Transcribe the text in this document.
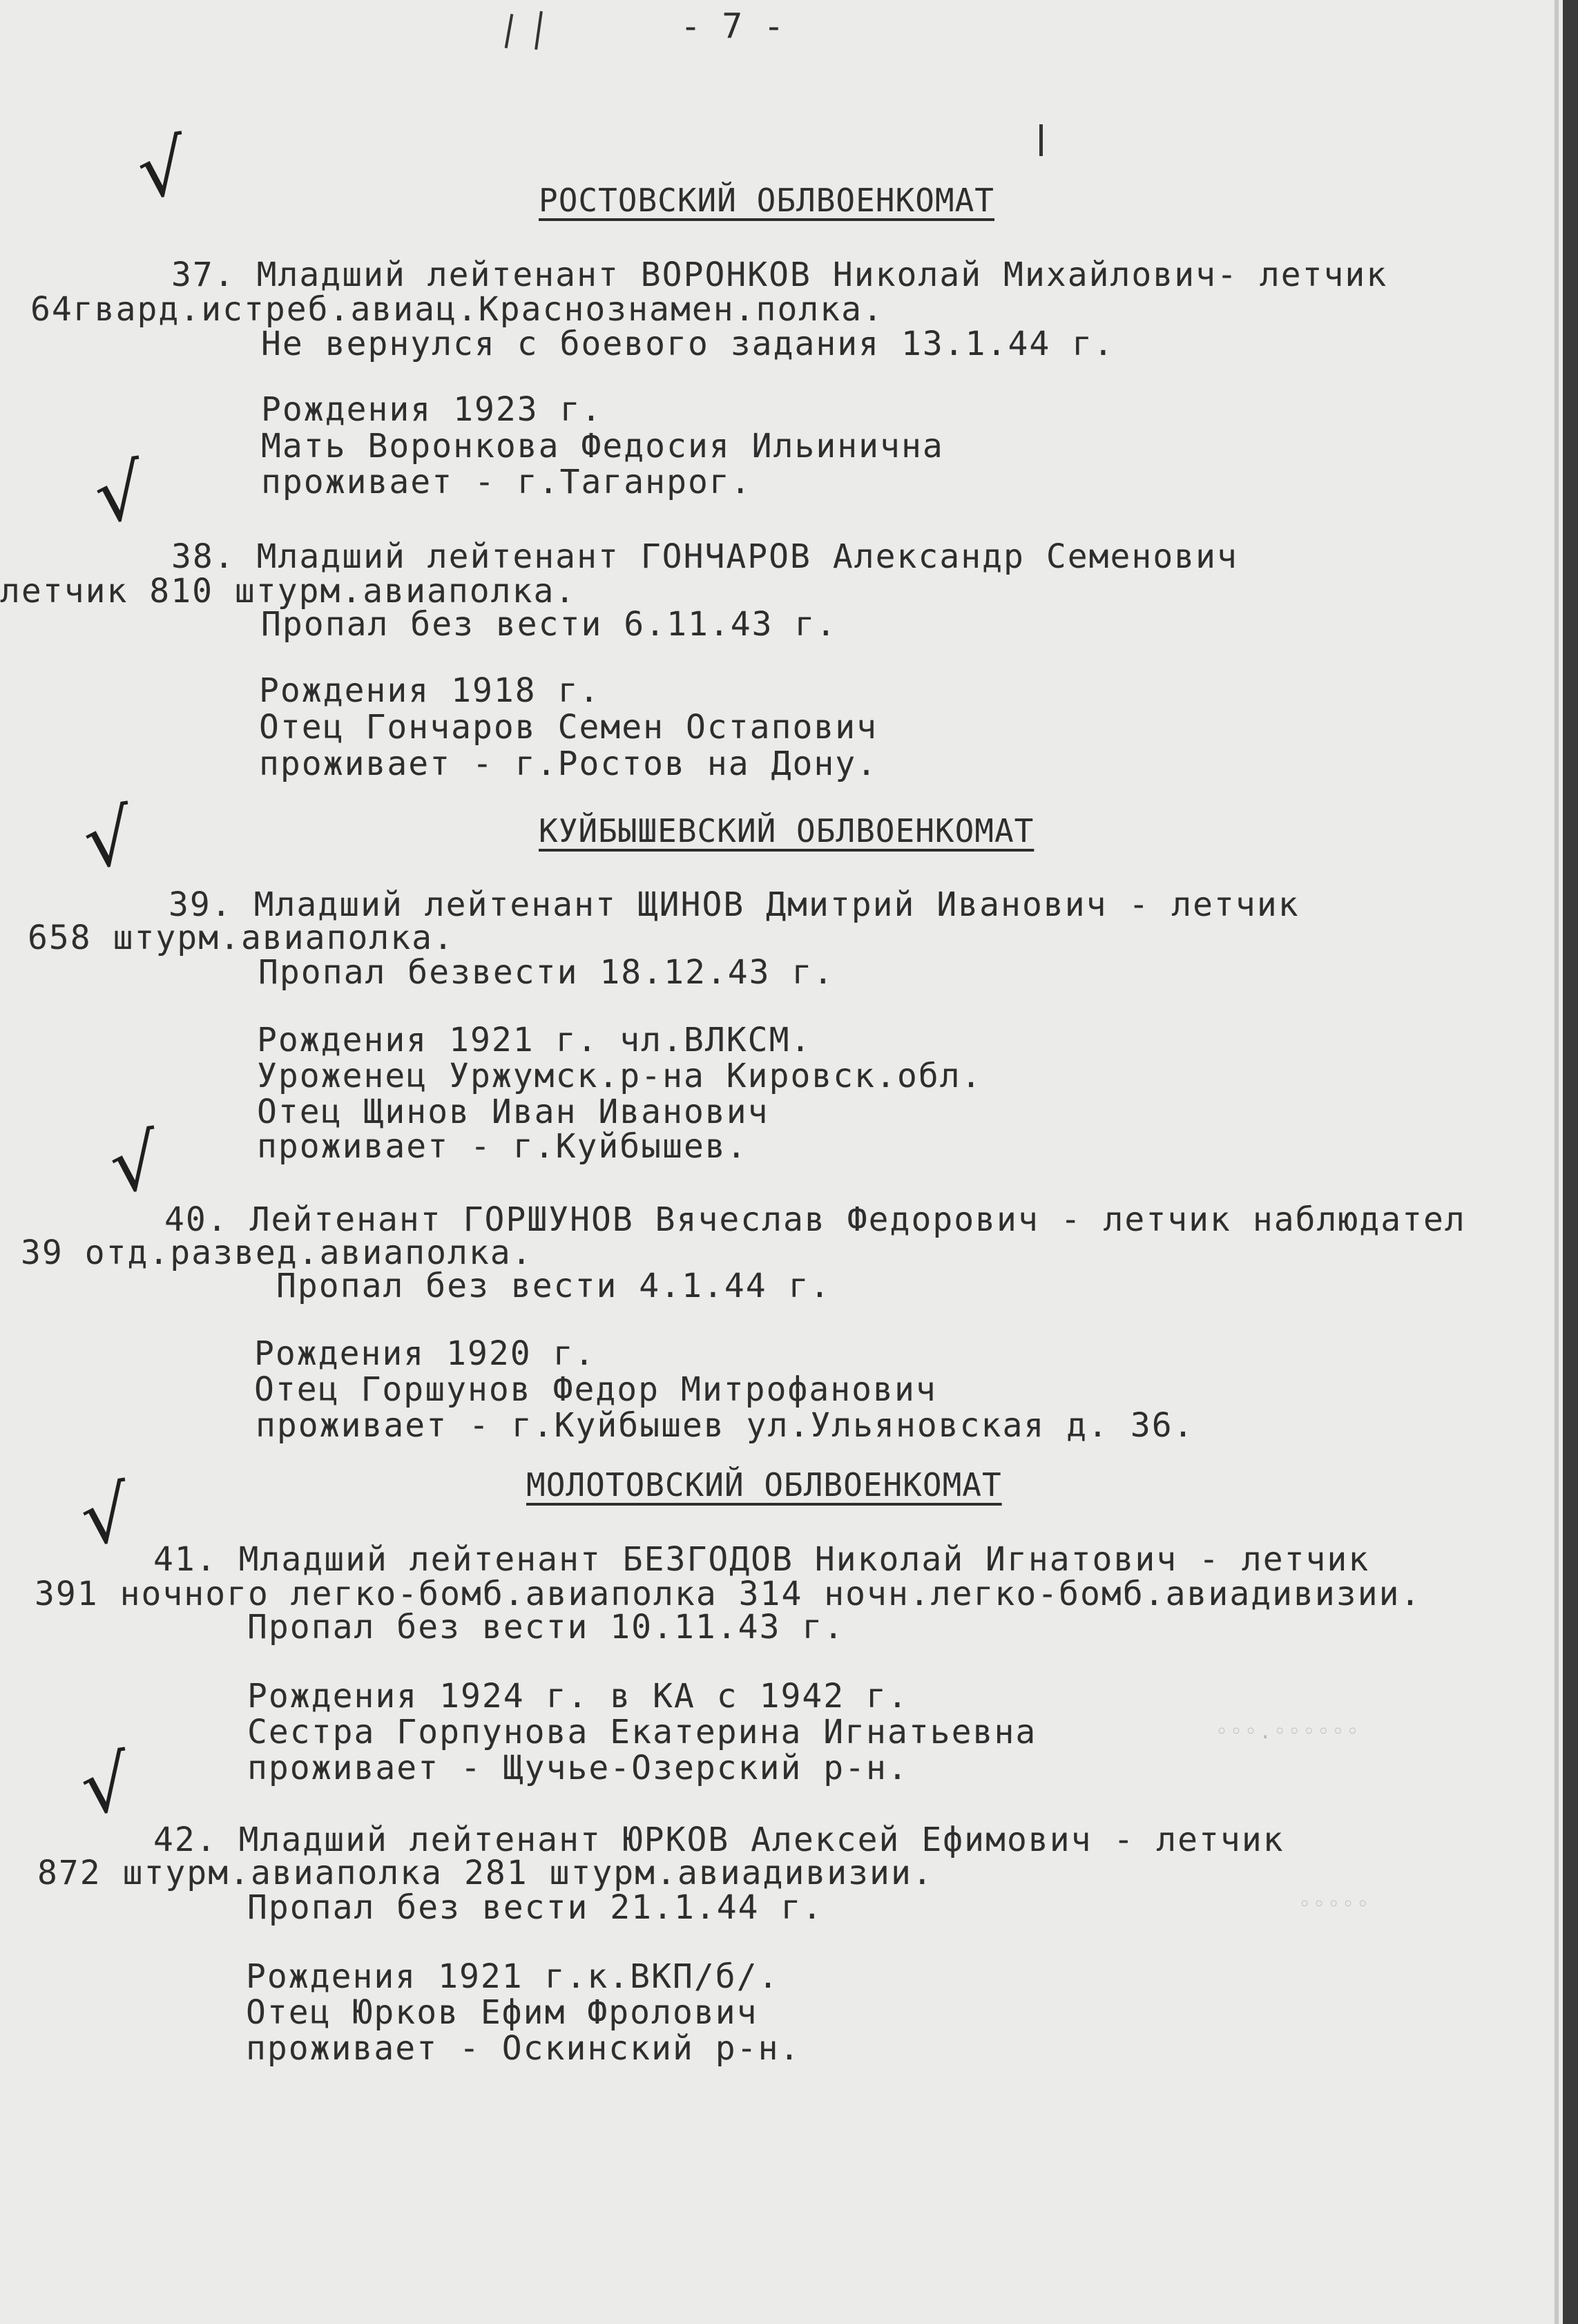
- 7 -
РОСТОВСКИЙ ОБЛВОЕНКОМАТ
√
37. Младший лейтенант ВОРОНКОВ Николай Михайлович- летчик
64гвард.истреб.авиац.Краснознамен.полка.
Не вернулся с боевого задания 13.1.44 г.
Рождения 1923 г.
Мать Воронкова Федосия Ильинична
проживает - г.Таганрог.
√
38. Младший лейтенант ГОНЧАРОВ Александр Семенович
летчик 810 штурм.авиаполка.
Пропал без вести 6.11.43 г.
Рождения 1918 г.
Отец Гончаров Семен Остапович
проживает - г.Ростов на Дону.
КУЙБЫШЕВСКИЙ ОБЛВОЕНКОМАТ
√
39. Младший лейтенант ЩИНОВ Дмитрий Иванович - летчик
658 штурм.авиаполка.
Пропал безвести 18.12.43 г.
Рождения 1921 г. чл.ВЛКСМ.
Уроженец Уржумск.р-на Кировск.обл.
Отец Щинов Иван Иванович
проживает - г.Куйбышев.
√
40. Лейтенант ГОРШУНОВ Вячеслав Федорович - летчик наблюдател
39 отд.развед.авиаполка.
Пропал без вести 4.1.44 г.
Рождения 1920 г.
Отец Горшунов Федор Митрофанович
проживает - г.Куйбышев ул.Ульяновская д. 36.
МОЛОТОВСКИЙ ОБЛВОЕНКОМАТ
√ 41. Младший лейтенант БЕЗГОДОВ Николай Игнатович - летчик
391 ночного легко-бомб.авиаполка 314 ночн.легко-бомб.авиадивизии.
Пропал без вести 10.11.43 г.
Рождения 1924 г. в КА с 1942 г.
Сестра Горпунова Екатерина Игнатьевна
проживает - Щучье-Озерский р-н.
◦◦◦.◦◦◦◦◦◦
◦◦◦◦◦
√
42. Младший лейтенант ЮРКОВ Алексей Ефимович - летчик
872 штурм.авиаполка 281 штурм.авиадивизии.
Пропал без вести 21.1.44 г.
Рождения 1921 г.к.ВКП/б/.
Отец Юрков Ефим Фролович
проживает - Оскинский р-н.
